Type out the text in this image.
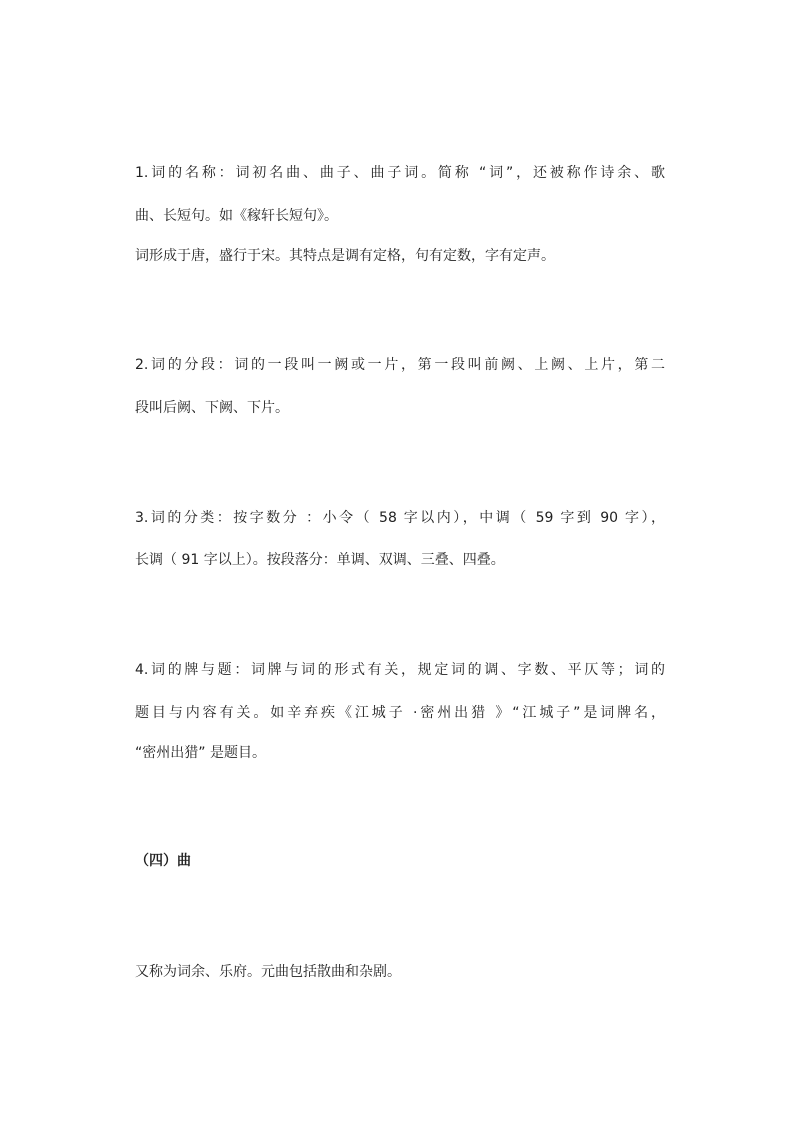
1.词的名称：词初名曲、曲子、曲子词。简称 “词”，还被称作诗余、歌

曲、长短句。如《稼轩长短句》。

词形成于唐，盛行于宋。其特点是调有定格，句有定数，字有定声。

2.词的分段：词的一段叫一阙或一片，第一段叫前阙、上阙、上片，第二

段叫后阙、下阙、下片。

3.词的分类：按字数分 ：小令（ 58 字以内），中调（ 59 字到 90 字），

长调（ 91 字以上）。按段落分：单调、双调、三叠、四叠。

4.词的牌与题：词牌与词的形式有关，规定词的调、字数、平仄等；词的

题目与内容有关。如辛弃疾《江城子 ·密州出猎 》“江城子”是词牌名，

“密州出猎” 是题目。

（四）曲

又称为词余、乐府。元曲包括散曲和杂剧。
